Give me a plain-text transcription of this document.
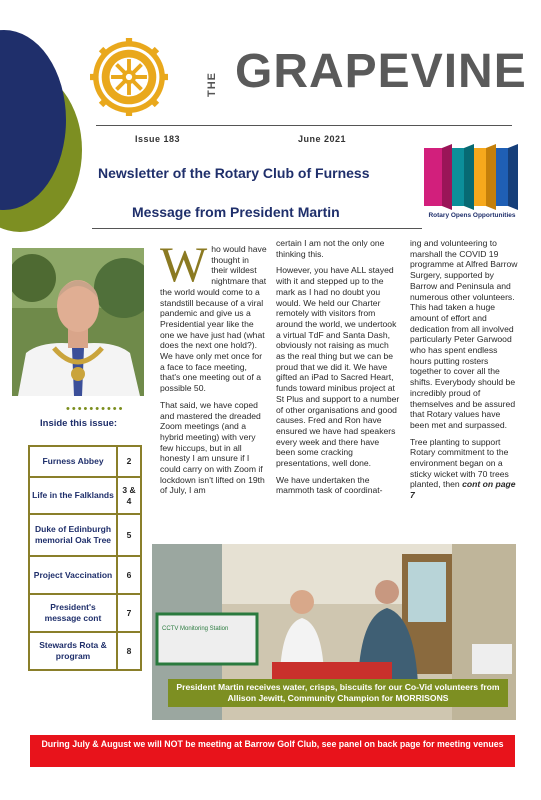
THE GRAPEVINE
Issue 183	June 2021
Newsletter of the Rotary Club of Furness
Message from President Martin	Rotary Opens Opportunities
••••••••••
Inside this issue:
Furness Abbey	2
Life in the Falklands	3 & 4
Duke of Edinburgh memorial Oak Tree	5
Project Vaccination	6
President's message cont	7
Stewards Rota & program	8

Who would have thought in their wildest nightmare that the world would come to a standstill because of a viral pandemic and give us a Presidential year like the one we have just had (what does the next one hold?). We have only met once for a face to face meeting, that's one meeting out of a possible 50.

That said, we have coped and mastered the dreaded Zoom meetings (and a hybrid meeting) with very few hiccups, but in all honesty I am unsure if I could carry on with Zoom if lockdown isn't lifted on 19th of July, I am

certain I am not the only one thinking this.

However, you have ALL stayed with it and stepped up to the mark as I had no doubt you would. We held our Charter remotely with visitors from around the world, we undertook a virtual TdF and Santa Dash, obviously not raising as much as the real thing but we can be proud that we did it. We have gifted an iPad to Sacred Heart, funds toward minibus project at St Plus and support to a number of other organisations and good causes. Fred and Ron have ensured we have had speakers every week and there have been some cracking presentations, well done.

We have undertaken the mammoth task of coordinat-

ing and volunteering to marshall the COVID 19 programme at Alfred Barrow Surgery, supported by Barrow and Peninsula and numerous other volunteers. This had taken a huge amount of effort and dedication from all involved particularly Peter Garwood who has spent endless hours putting rosters together to cover all the shifts. Everybody should be incredibly proud of themselves and be assured that Rotary values have been met and surpassed.

Tree planting to support Rotary commitment to the environment began on a sticky wicket with 70 trees planted, then cont on page 7

CCTV Monitoring Station
President Martin receives water, crisps, biscuits for our Co-Vid volunteers from Allison Jewitt, Community Champion for MORRISONS
During July & August we will NOT be meeting at Barrow Golf Club, see panel on back page for meeting venues
